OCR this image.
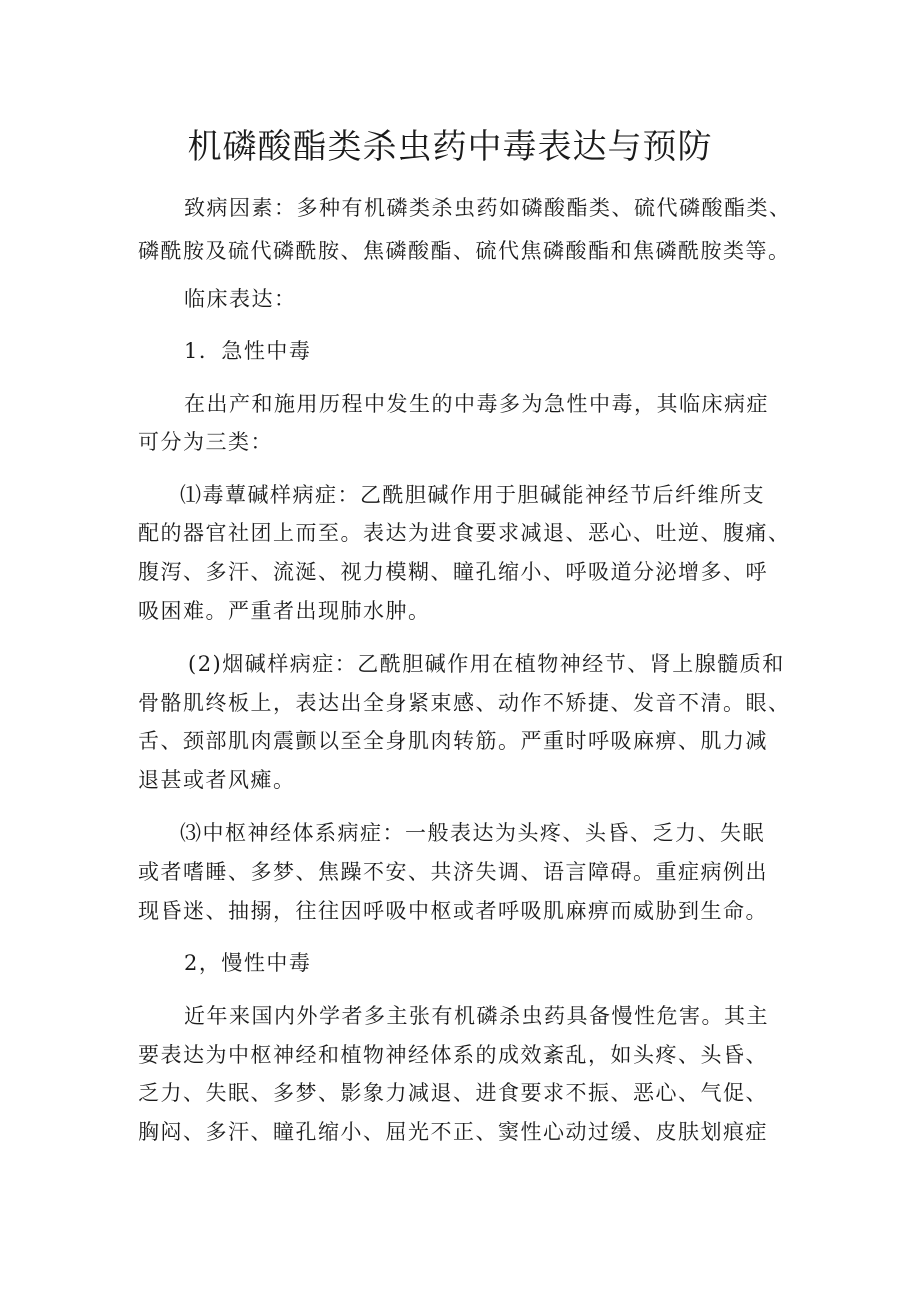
机磷酸酯类杀虫药中毒表达与预防

致病因素：多种有机磷类杀虫药如磷酸酯类、硫代磷酸酯类、

磷酰胺及硫代磷酰胺、焦磷酸酯、硫代焦磷酸酯和焦磷酰胺类等。

临床表达：

1．急性中毒

在出产和施用历程中发生的中毒多为急性中毒，其临床病症

可分为三类：

⑴毒蕈碱样病症：乙酰胆碱作用于胆碱能神经节后纤维所支

配的器官社团上而至。表达为进食要求减退、恶心、吐逆、腹痛、

腹泻、多汗、流涎、视力模糊、瞳孔缩小、呼吸道分泌增多、呼

吸困难。严重者出现肺水肿。

(2)烟碱样病症：乙酰胆碱作用在植物神经节、肾上腺髓质和

骨骼肌终板上，表达出全身紧束感、动作不矫捷、发音不清。眼、

舌、颈部肌肉震颤以至全身肌肉转筋。严重时呼吸麻痹、肌力减

退甚或者风瘫。

⑶中枢神经体系病症：一般表达为头疼、头昏、乏力、失眠

或者嗜睡、多梦、焦躁不安、共济失调、语言障碍。重症病例出

现昏迷、抽搦，往往因呼吸中枢或者呼吸肌麻痹而威胁到生命。

2，慢性中毒

近年来国内外学者多主张有机磷杀虫药具备慢性危害。其主

要表达为中枢神经和植物神经体系的成效紊乱，如头疼、头昏、

乏力、失眠、多梦、影象力减退、进食要求不振、恶心、气促、

胸闷、多汗、瞳孔缩小、屈光不正、窦性心动过缓、皮肤划痕症
